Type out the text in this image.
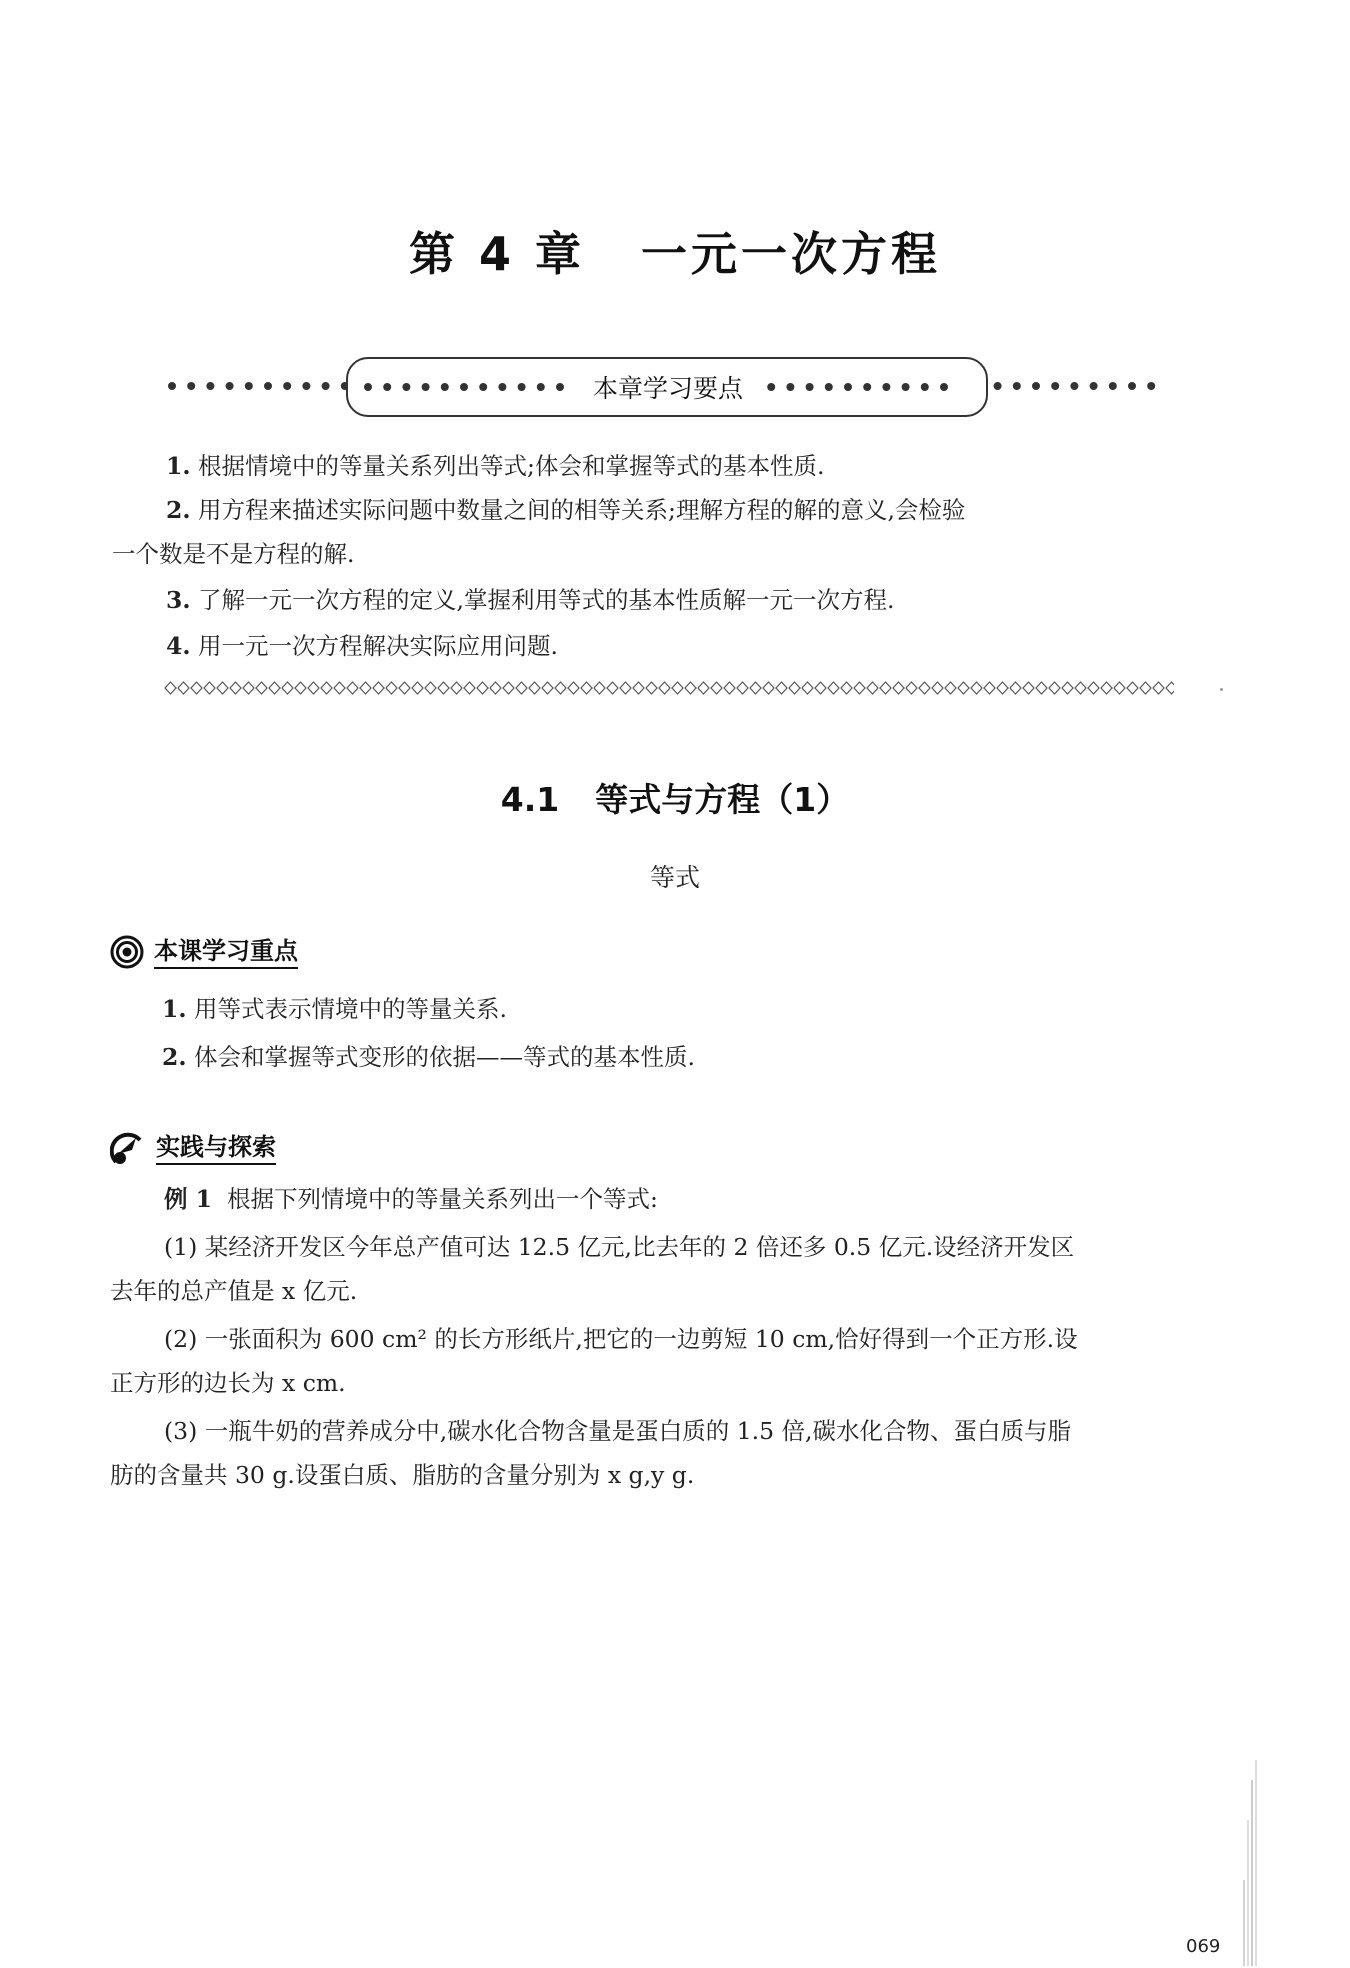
第 4 章 一元一次方程
本章学习要点
1. 根据情境中的等量关系列出等式;体会和掌握等式的基本性质.
2. 用方程来描述实际问题中数量之间的相等关系;理解方程的解的意义,会检验
一个数是不是方程的解.
3. 了解一元一次方程的定义,掌握利用等式的基本性质解一元一次方程.
4. 用一元一次方程解决实际应用问题.
4.1 等式与方程（1）
等式
本课学习重点
1. 用等式表示情境中的等量关系.
2. 体会和掌握等式变形的依据——等式的基本性质.
实践与探索
例 1 根据下列情境中的等量关系列出一个等式:
(1) 某经济开发区今年总产值可达 12.5 亿元,比去年的 2 倍还多 0.5 亿元.设经济开发区
去年的总产值是 x 亿元.
(2) 一张面积为 600 cm² 的长方形纸片,把它的一边剪短 10 cm,恰好得到一个正方形.设
正方形的边长为 x cm.
(3) 一瓶牛奶的营养成分中,碳水化合物含量是蛋白质的 1.5 倍,碳水化合物、蛋白质与脂
肪的含量共 30 g.设蛋白质、脂肪的含量分别为 x g,y g.
069
